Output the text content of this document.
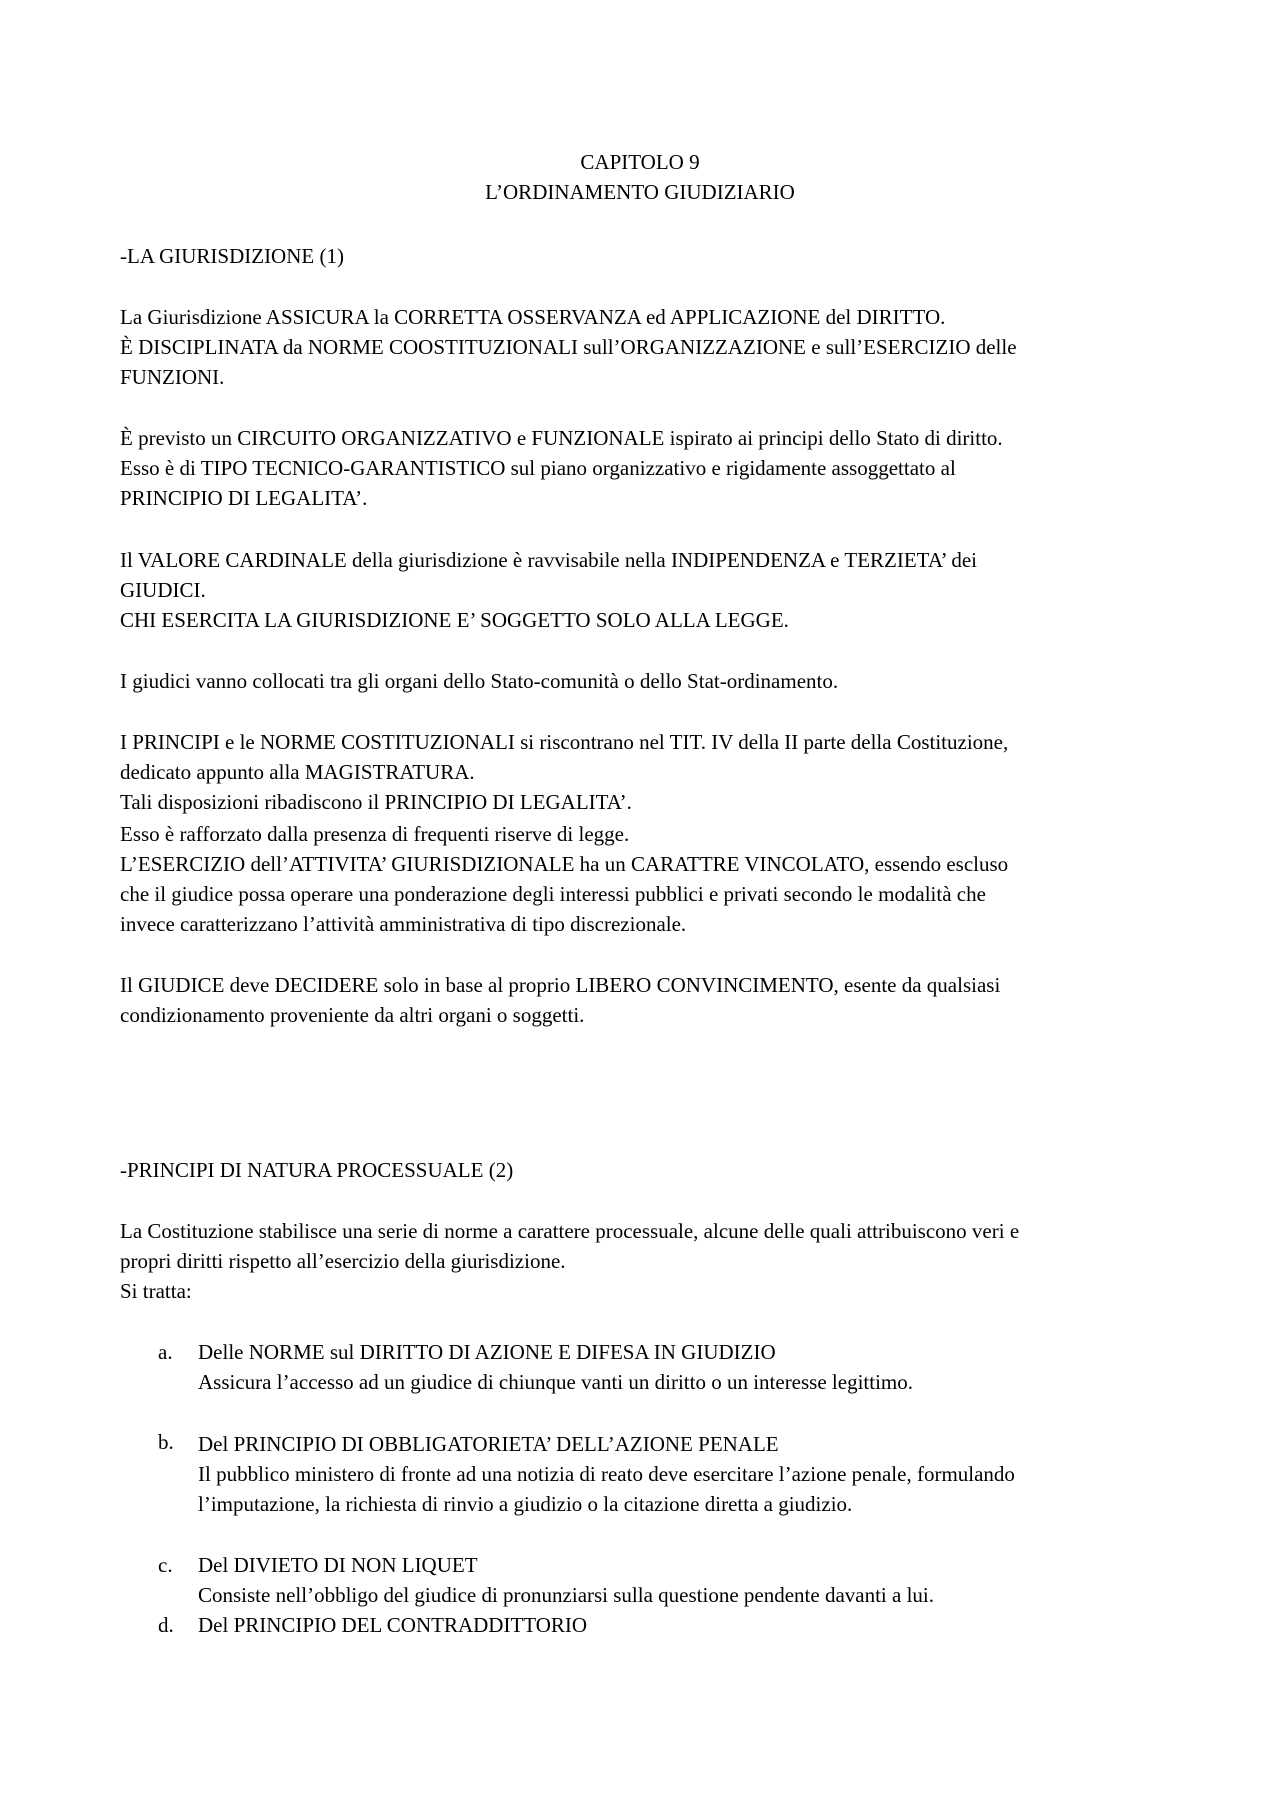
CAPITOLO 9
L’ORDINAMENTO GIUDIZIARIO
-LA GIURISDIZIONE (1)
La Giurisdizione ASSICURA la CORRETTA OSSERVANZA ed APPLICAZIONE del DIRITTO.
È DISCIPLINATA da NORME COOSTITUZIONALI sull’ORGANIZZAZIONE e sull’ESERCIZIO delle
FUNZIONI.
È previsto un CIRCUITO ORGANIZZATIVO e FUNZIONALE ispirato ai principi dello Stato di diritto.
Esso è di TIPO TECNICO-GARANTISTICO sul piano organizzativo e rigidamente assoggettato al
PRINCIPIO DI LEGALITA’.
Il VALORE CARDINALE della giurisdizione è ravvisabile nella INDIPENDENZA e TERZIETA’ dei
GIUDICI.
CHI ESERCITA LA GIURISDIZIONE E’ SOGGETTO SOLO ALLA LEGGE.
I giudici vanno collocati tra gli organi dello Stato-comunità o dello Stat-ordinamento.
I PRINCIPI e le NORME COSTITUZIONALI si riscontrano nel TIT. IV della II parte della Costituzione,
dedicato appunto alla MAGISTRATURA.
Tali disposizioni ribadiscono il PRINCIPIO DI LEGALITA’.
Esso è rafforzato dalla presenza di frequenti riserve di legge.
L’ESERCIZIO dell’ATTIVITA’ GIURISDIZIONALE ha un CARATTRE VINCOLATO, essendo escluso
che il giudice possa operare una ponderazione degli interessi pubblici e privati secondo le modalità che
invece caratterizzano l’attività amministrativa di tipo discrezionale.
Il GIUDICE deve DECIDERE solo in base al proprio LIBERO CONVINCIMENTO, esente da qualsiasi
condizionamento proveniente da altri organi o soggetti.
-PRINCIPI DI NATURA PROCESSUALE (2)
La Costituzione stabilisce una serie di norme a carattere processuale, alcune delle quali attribuiscono veri e
propri diritti rispetto all’esercizio della giurisdizione.
Si tratta:
a. Delle NORME sul DIRITTO DI AZIONE E DIFESA IN GIUDIZIO
Assicura l’accesso ad un giudice di chiunque vanti un diritto o un interesse legittimo.
b. Del PRINCIPIO DI OBBLIGATORIETA’ DELL’AZIONE PENALE
Il pubblico ministero di fronte ad una notizia di reato deve esercitare l’azione penale, formulando
l’imputazione, la richiesta di rinvio a giudizio o la citazione diretta a giudizio.
c. Del DIVIETO DI NON LIQUET
Consiste nell’obbligo del giudice di pronunziarsi sulla questione pendente davanti a lui.
d. Del PRINCIPIO DEL CONTRADDITTORIO
